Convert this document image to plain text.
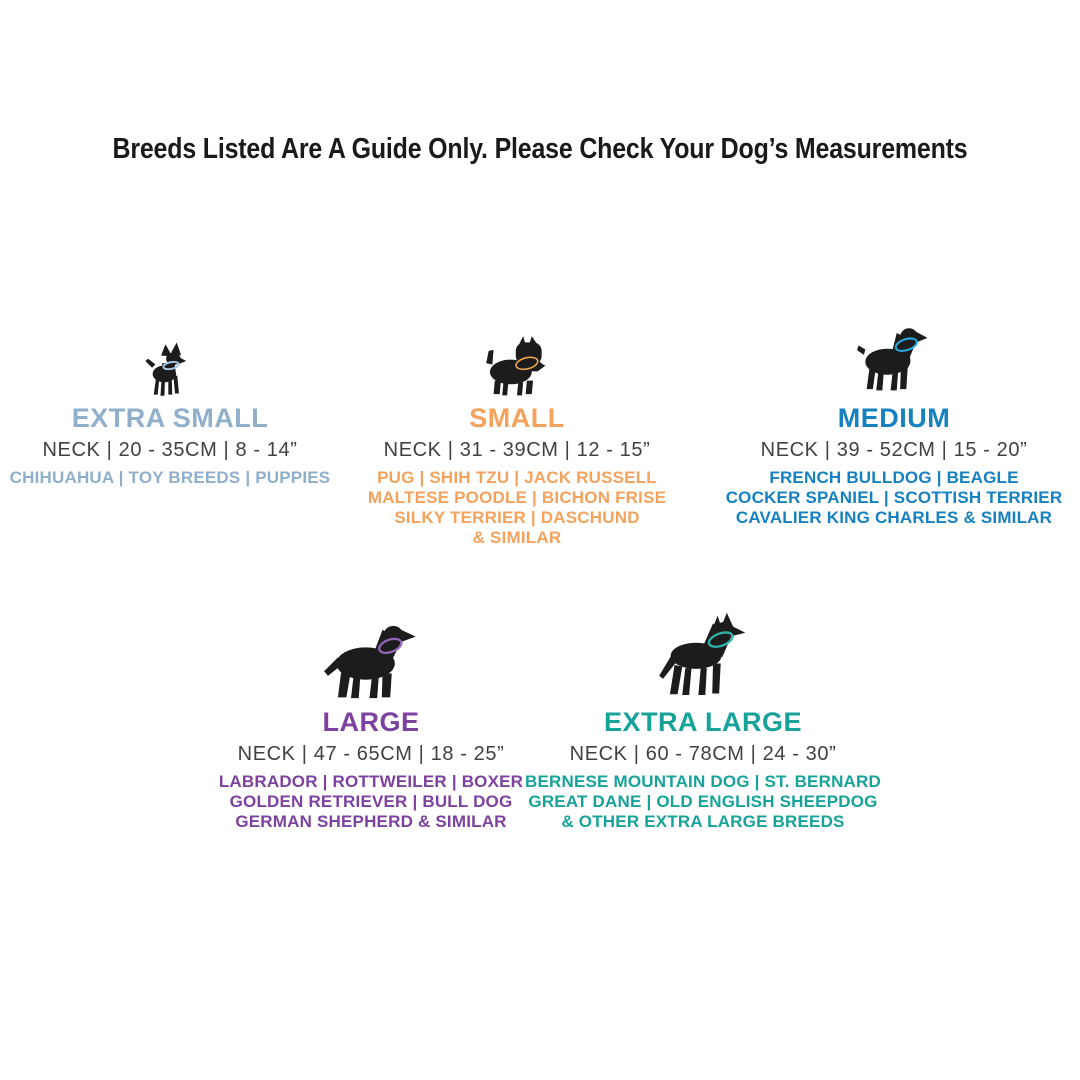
Breeds Listed Are A Guide Only. Please Check Your Dog’s Measurements
EXTRA SMALL
NECK | 20 - 35CM | 8 - 14”
CHIHUAHUA | TOY BREEDS | PUPPIES
SMALL
NECK | 31 - 39CM | 12 - 15”
PUG | SHIH TZU | JACK RUSSELL
MALTESE POODLE | BICHON FRISE
SILKY TERRIER | DASCHUND
& SIMILAR
MEDIUM
NECK | 39 - 52CM | 15 - 20”
FRENCH BULLDOG | BEAGLE
COCKER SPANIEL | SCOTTISH TERRIER
CAVALIER KING CHARLES & SIMILAR
LARGE
NECK | 47 - 65CM | 18 - 25”
LABRADOR | ROTTWEILER | BOXER
GOLDEN RETRIEVER | BULL DOG
GERMAN SHEPHERD & SIMILAR
EXTRA LARGE
NECK | 60 - 78CM | 24 - 30”
BERNESE MOUNTAIN DOG | ST. BERNARD
GREAT DANE | OLD ENGLISH SHEEPDOG
& OTHER EXTRA LARGE BREEDS
